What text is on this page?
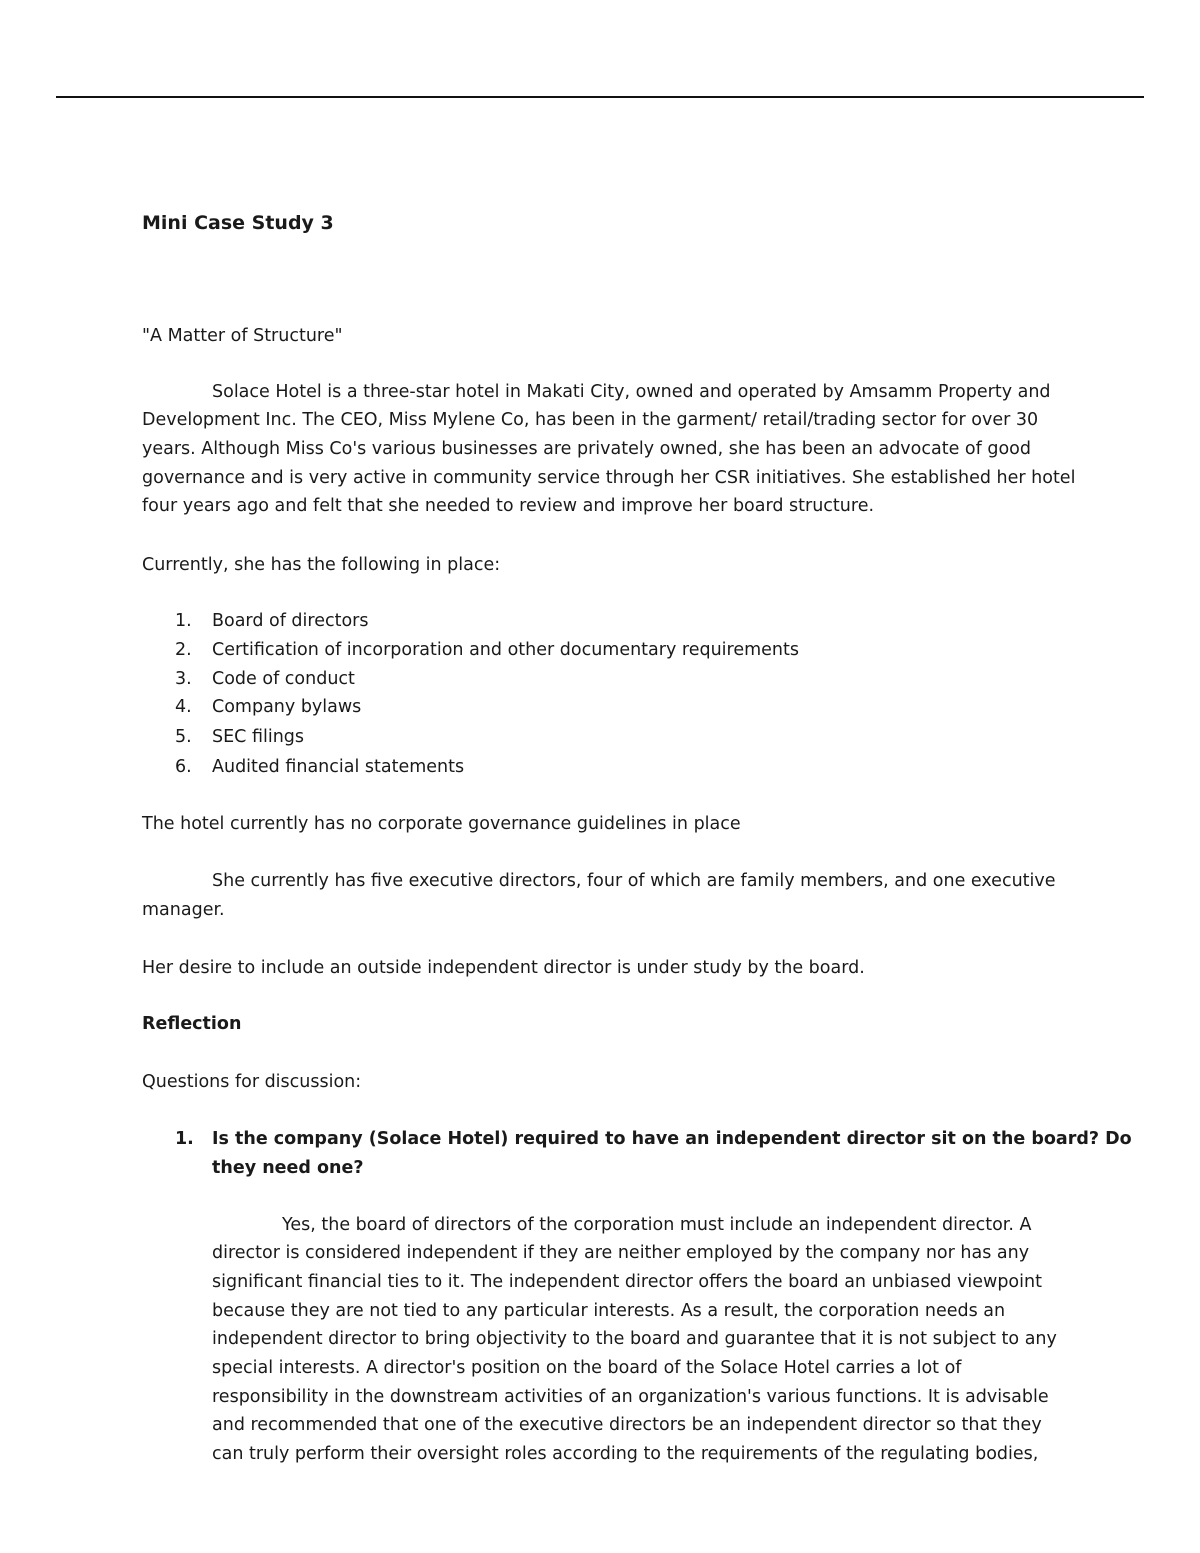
Mini Case Study 3
"A Matter of Structure"
Solace Hotel is a three-star hotel in Makati City, owned and operated by Amsamm Property and
Development Inc. The CEO, Miss Mylene Co, has been in the garment/ retail/trading sector for over 30
years. Although Miss Co's various businesses are privately owned, she has been an advocate of good
governance and is very active in community service through her CSR initiatives. She established her hotel
four years ago and felt that she needed to review and improve her board structure.
Currently, she has the following in place:
1. Board of directors
2. Certification of incorporation and other documentary requirements
3. Code of conduct
4. Company bylaws
5. SEC filings
6. Audited financial statements
The hotel currently has no corporate governance guidelines in place
She currently has five executive directors, four of which are family members, and one executive
manager.
Her desire to include an outside independent director is under study by the board.
Reflection
Questions for discussion:
1. Is the company (Solace Hotel) required to have an independent director sit on the board? Do
they need one?
Yes, the board of directors of the corporation must include an independent director. A
director is considered independent if they are neither employed by the company nor has any
significant financial ties to it. The independent director offers the board an unbiased viewpoint
because they are not tied to any particular interests. As a result, the corporation needs an
independent director to bring objectivity to the board and guarantee that it is not subject to any
special interests. A director's position on the board of the Solace Hotel carries a lot of
responsibility in the downstream activities of an organization's various functions. It is advisable
and recommended that one of the executive directors be an independent director so that they
can truly perform their oversight roles according to the requirements of the regulating bodies,
